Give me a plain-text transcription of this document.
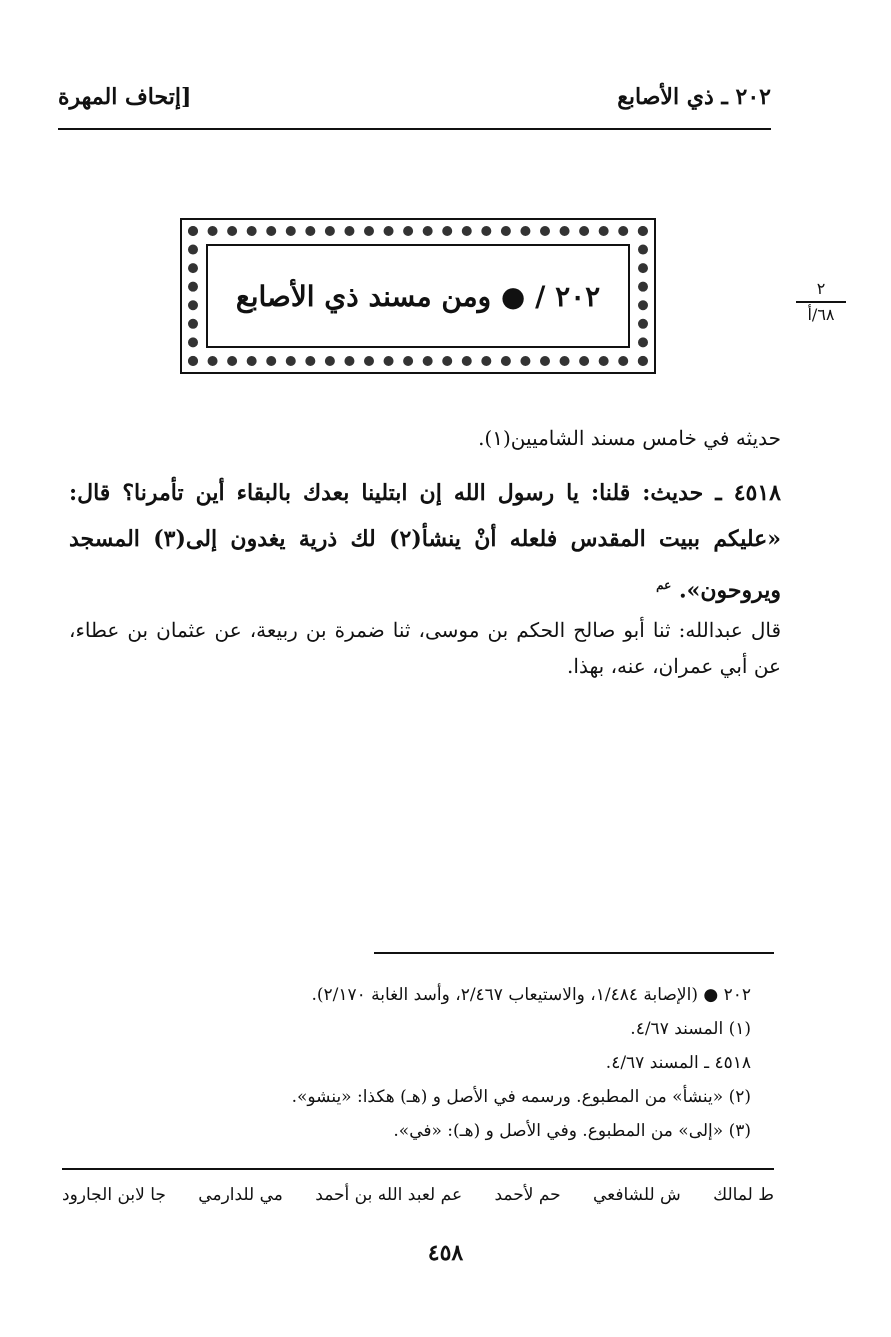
٢٠٢ ـ ذي الأصابع
[إتحاف المهرة
٢٠٢ / ● ومن مسند ذي الأصابع	٢
٦٨/أ
حديثه في خامس مسند الشاميين(١).
٤٥١٨ ـ حديث: قلنا: يا رسول الله إن ابتلينا بعدك بالبقاء أين تأمرنا؟ قال: «عليكم ببيت المقدس فلعله أنْ ينشأ(٢) لك ذرية يغدون إلى(٣) المسجد ويروحون». $^{عم}$
قال عبدالله: ثنا أبو صالح الحكم بن موسى، ثنا ضمرة بن ربيعة، عن عثمان بن عطاء، عن أبي عمران، عنه، بهذا.
٢٠٢ ● (الإصابة ١/٤٨٤، والاستيعاب ٢/٤٦٧، وأسد الغابة ٢/١٧٠).
(١) المسند ٤/٦٧.
٤٥١٨ ـ المسند ٤/٦٧.
(٢) «ينشأ» من المطبوع. ورسمه في الأصل و (هـ) هكذا: «ينشو».
(٣) «إلى» من المطبوع. وفي الأصل و (هـ): «في».
ط لمالك
ش للشافعي
حم لأحمد
عم لعبد الله بن أحمد
مي للدارمي
جا لابن الجارود
٤٥٨
